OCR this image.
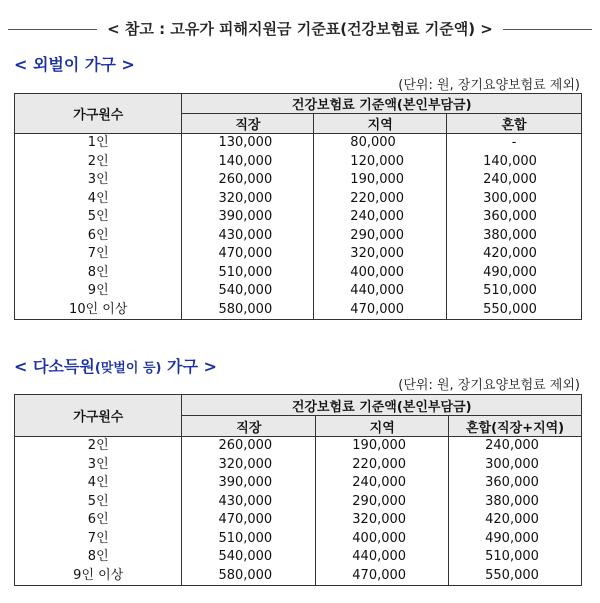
< 참고 : 고유가 피해지원금 기준표(건강보험료 기준액) >
< 외벌이 가구 >
(단위: 원, 장기요양보험료 제외)
가구원수	건강보험료 기준액(본인부담금)		
	직장	지역	혼합
1인	130,000	80,000	-
2인	140,000	120,000	140,000
3인	260,000	190,000	240,000
4인	320,000	220,000	300,000
5인	390,000	240,000	360,000
6인	430,000	290,000	380,000
7인	470,000	320,000	420,000
8인	510,000	400,000	490,000
9인	540,000	440,000	510,000
10인 이상	580,000	470,000	550,000
< 다소득원(맞벌이 등) 가구 >
(단위: 원, 장기요양보험료 제외)
가구원수	건강보험료 기준액(본인부담금)		
	직장	지역	혼합(직장+지역)
2인	260,000	190,000	240,000
3인	320,000	220,000	300,000
4인	390,000	240,000	360,000
5인	430,000	290,000	380,000
6인	470,000	320,000	420,000
7인	510,000	400,000	490,000
8인	540,000	440,000	510,000
9인 이상	580,000	470,000	550,000
